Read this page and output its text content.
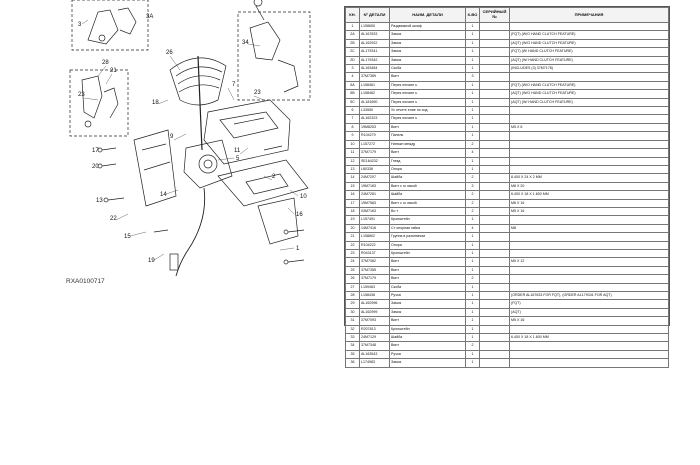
3A
3
28
21
23
26
34
23
7
18
9
11
5
2
10
14
16
22
15
19
1
17
20
13
RXA0100717
КН.	Nº ДЕТАЛИ	НАИМ. ДЕТАЛИ	К-ВО	СЕРИЙНЫЙ №	ПРИМЕЧАНИЯ
1	L158650	Раздвижной шкаф	1		
2A	AL167633	Замок	1		(FQT) (W/O HAND CLUTCH FEATURE)
2B	AL162922	Замок	1		(AQT) (W/O HAND CLUTCH FEATURE)
2C	AL179341	Замок	1		(FQT) (W/ HAND CLUTCH FEATURE)
2D	AL179342	Замок	1		(AQT) (W/ HAND CLUTCH FEATURE)
3	AL163484	Скоба	1		(INCLUDES (3) 37M7178)
4	37M7389	Винт	3		
5A	L158461	Перек лючате ь	1		(FQT) (W/O HAND CLUTCH FEATURE)
5B	L158462	Перек лючате ь	1		(AQT) (W/O HAND CLUTCH FEATURE)
5C	AL181690	Перек лючате ь	1		(AQT) (W/ HAND CLUTCH FEATURE)
6	L33550	Ус отчете ение по ход	1		
7	AL162323	Перек лючате ь	1		
8	19M8253	Винт	1		M5 X 6
9	R104279	Панель	1		
10	L157272	Натяжн между	2		
11	37M7179	Винт	4		
12	SE164232	Гнезд	1		
13	L80336	Опора	1		
14	24M7207	Шайба	2		8.400 X 24 X 2 MM
15	19M7183	Винт с го овкой	3		M8 X 20
16	24M7281	Шайба	2		6.400 X 18 X 1.600 MM
17	19M7583	Винт с го овкой	2		M6 X 16
18	03M7163	Во т	2		M5 X 16
19	L157491	Кронштейн	1		
20	14M7416	Ст опорная гайка	4		M8
21	L158802	Группа в разъемном	1		
22	R104222	Опора	1		
23	R043137	Кронштейн	1		
24	37M7082	Винт	1		M5 X 12
25	37M7355	Винт	1		
26	37M7179	Винт	2		
27	L159463	Скоба	1		
28	L158438	Ручка	1		(ORDER AL167633 FOR FQT), (ORDER AL179341 FOR AQT)
29	AL162996	Замок	1		(FQT)
30	AL162999	Замок	1		(AQT)
31	37M7093	Винт	1		M5 X 16
32	R207813	Кронштейн	1		
33	24M7129	Шайба	1		6.400 X 18 X 1.600 MM
34	37M7348	Винт	2		
35	AL163543	Ручка	1		
36	L174983	Замок	1		
